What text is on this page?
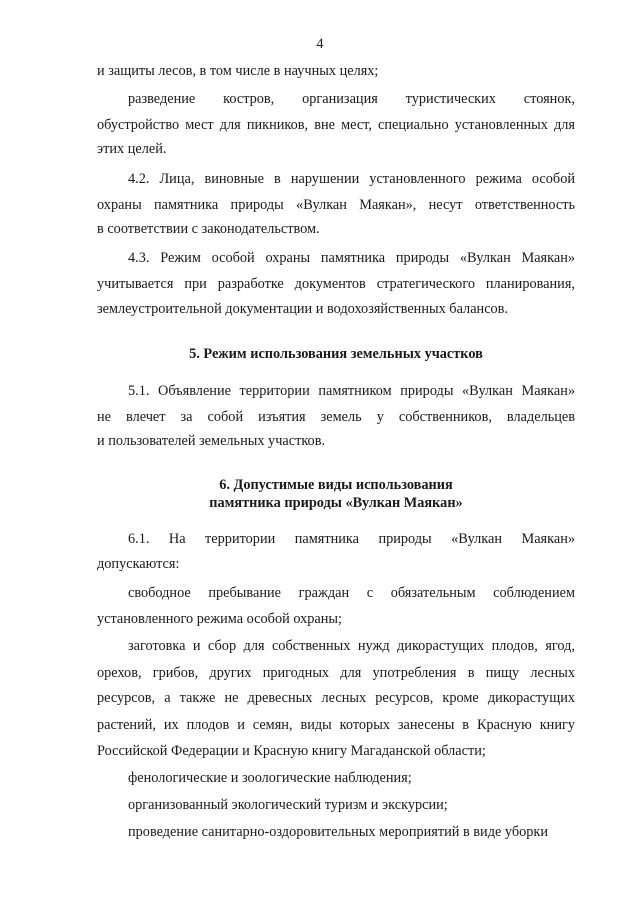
4
и защиты лесов, в том числе в научных целях;
разведение костров, организация туристических стоянок,
обустройство мест для пикников, вне мест, специально установленных для
этих целей.
4.2. Лица, виновные в нарушении установленного режима особой
охраны памятника природы «Вулкан Маякан», несут ответственность
в соответствии с законодательством.
4.3. Режим особой охраны памятника природы «Вулкан Маякан»
учитывается при разработке документов стратегического планирования,
землеустроительной документации и водохозяйственных балансов.
5. Режим использования земельных участков
5.1. Объявление территории памятником природы «Вулкан Маякан»
не влечет за собой изъятия земель у собственников, владельцев
и пользователей земельных участков.
6. Допустимые виды использования
памятника природы «Вулкан Маякан»
6.1. На территории памятника природы «Вулкан Маякан»
допускаются:
свободное пребывание граждан с обязательным соблюдением
установленного режима особой охраны;
заготовка и сбор для собственных нужд дикорастущих плодов, ягод,
орехов, грибов, других пригодных для употребления в пищу лесных
ресурсов, а также не древесных лесных ресурсов, кроме дикорастущих
растений, их плодов и семян, виды которых занесены в Красную книгу
Российской Федерации и Красную книгу Магаданской области;
фенологические и зоологические наблюдения;
организованный экологический туризм и экскурсии;
проведение санитарно-оздоровительных мероприятий в виде уборки
